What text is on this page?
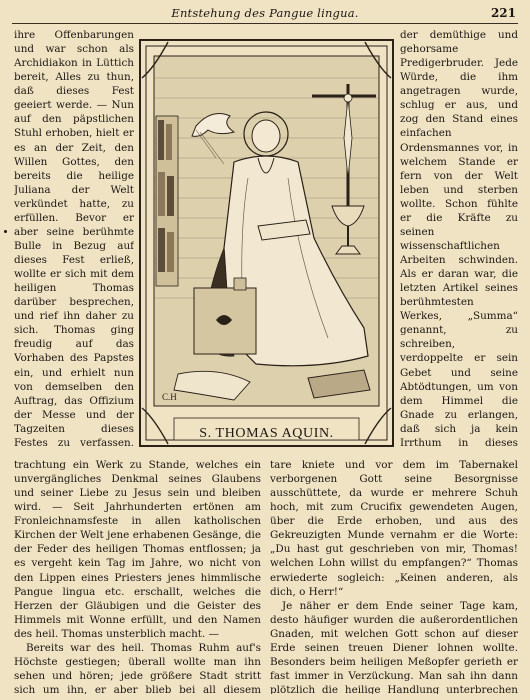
Entstehung des Pangue lingua.	221

ihre Offenbarungen und war schon als Archidiakon in Lüttich bereit, Alles zu thun, daß dieses Fest geeiert werde. — Nun auf den päpstlichen Stuhl erhoben, hielt er es an der Zeit, den Willen Gottes, den bereits die heilige Juliana der Welt verkündet hatte, zu erfüllen. Bevor er aber seine berühmte Bulle in Bezug auf dieses Fest erließ, wollte er sich mit dem heiligen Thomas darüber besprechen, und rief ihn daher zu sich. Thomas ging freudig auf das Vorhaben des Papstes ein, und erhielt nun von demselben den Auftrag, das Offizium der Messe und der Tagzeiten dieses Festes zu verfassen.

C.H
S. THOMAS AQUIN.

der demüthige und gehorsame Predigerbruder. Jede Würde, die ihm angetragen wurde, schlug er aus, und zog den Stand eines einfachen Ordensmannes vor, in welchem Stande er fern von der Welt leben und sterben wollte. Schon fühlte er die Kräfte zu seinen wissenschaftlichen Arbeiten schwinden. Als er daran war, die letzten Artikel seines berühmtesten Werkes, „Summa“ genannt, zu schreiben, verdoppelte er sein Gebet und seine Abtödtungen, um von dem Himmel die Gnade zu erlangen, daß sich ja kein Irrthum in dieses

trachtung ein Werk zu Stande, welches ein unvergängliches Denkmal seines Glaubens und seiner Liebe zu Jesus sein und bleiben wird. — Seit Jahrhunderten ertönen am Fronleichnamsfeste in allen katholischen Kirchen der Welt jene erhabenen Gesänge, die der Feder des heiligen Thomas entflossen; ja es vergeht kein Tag im Jahre, wo nicht von den Lippen eines Priesters jenes himmlische Pangue lingua etc. erschallt, welches die Herzen der Gläubigen und die Geister des Himmels mit Wonne erfüllt, und den Namen des heil. Thomas unsterblich macht. —

Bereits war des heil. Thomas Ruhm auf's Höchste gestiegen; überall wollte man ihn sehen und hören; jede größere Stadt stritt sich um ihn, er aber blieb bei all diesem

tare kniete und vor dem im Tabernakel verborgenen Gott seine Besorgnisse ausschüttete, da wurde er mehrere Schuh hoch, mit zum Crucifix gewendeten Augen, über die Erde erhoben, und aus des Gekreuzigten Munde vernahm er die Worte: „Du hast gut geschrieben von mir, Thomas! welchen Lohn willst du empfangen?“ Thomas erwiederte sogleich: „Keinen anderen, als dich, o Herr!“

Je näher er dem Ende seiner Tage kam, desto häufiger wurden die außerordentlichen Gnaden, mit welchen Gott schon auf dieser Erde seinen treuen Diener lohnen wollte. Besonders beim heiligen Meßopfer gerieth er fast immer in Verzückung. Man sah ihn dann plötzlich die heilige Handlung unterbrechen
